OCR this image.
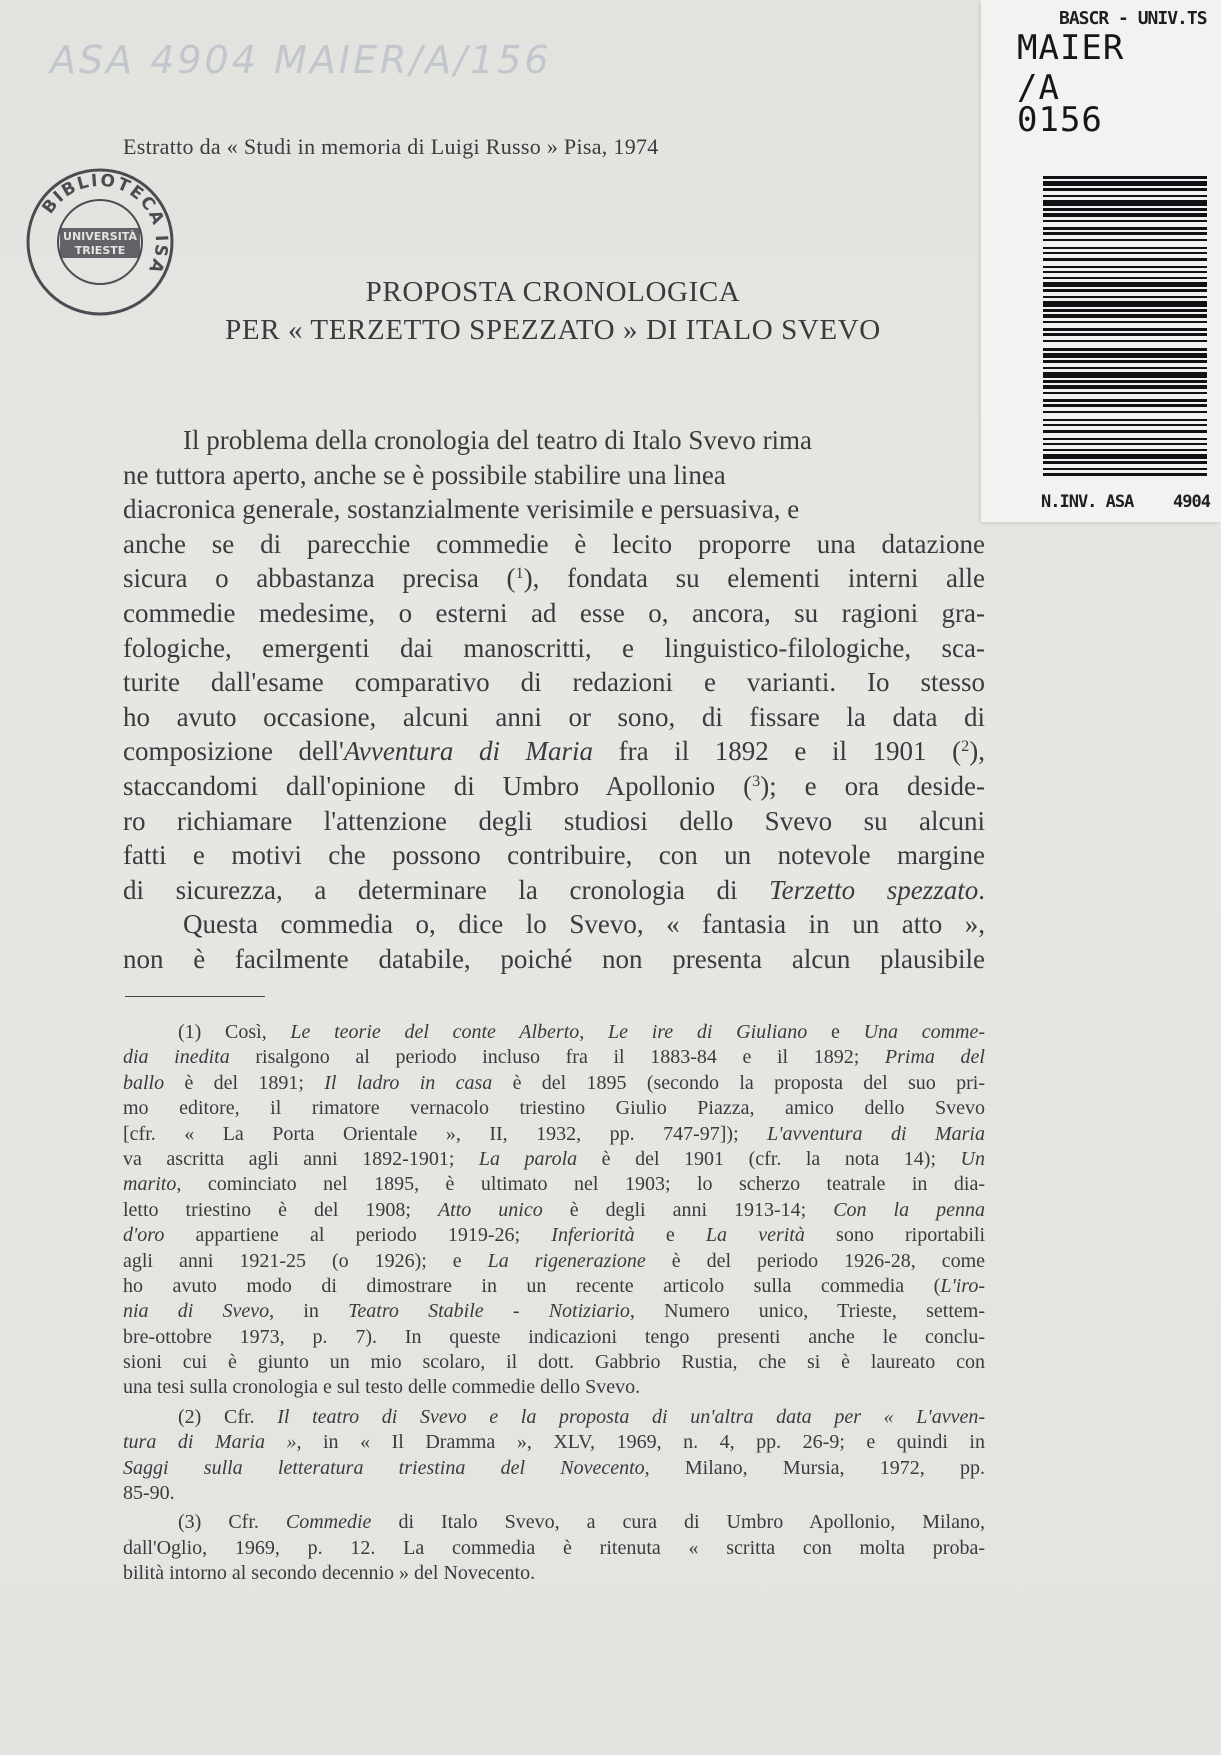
ASA 4904 MAIER/A/156
Estratto da « Studi in memoria di Luigi Russo » Pisa, 1974
BIBLIOTECA ISA
UNIVERSITÀ
TRIESTE
PROPOSTA CRONOLOGICA
PER « TERZETTO SPEZZATO » DI ITALO SVEVO
Il problema della cronologia del teatro di Italo Svevo rima
ne tuttora aperto, anche se è possibile stabilire una linea
diacronica generale, sostanzialmente verisimile e persuasiva, e
anche se di parecchie commedie è lecito proporre una datazione
sicura o abbastanza precisa ($^1$), fondata su elementi interni alle
commedie medesime, o esterni ad esse o, ancora, su ragioni gra-
fologiche, emergenti dai manoscritti, e linguistico-filologiche, sca-
turite dall'esame comparativo di redazioni e varianti. Io stesso
ho avuto occasione, alcuni anni or sono, di fissare la data di
composizione dell'Avventura di Maria fra il 1892 e il 1901 ($^2$),
staccandomi dall'opinione di Umbro Apollonio ($^3$); e ora deside-
ro richiamare l'attenzione degli studiosi dello Svevo su alcuni
fatti e motivi che possono contribuire, con un notevole margine
di sicurezza, a determinare la cronologia di Terzetto spezzato.
Questa commedia o, dice lo Svevo, « fantasia in un atto »,
non è facilmente databile, poiché non presenta alcun plausibile
(1) Così, Le teorie del conte Alberto, Le ire di Giuliano e Una comme-
dia inedita risalgono al periodo incluso fra il 1883-84 e il 1892; Prima del
ballo è del 1891; Il ladro in casa è del 1895 (secondo la proposta del suo pri-
mo editore, il rimatore vernacolo triestino Giulio Piazza, amico dello Svevo
[cfr. « La Porta Orientale », II, 1932, pp. 747-97]); L'avventura di Maria
va ascritta agli anni 1892-1901; La parola è del 1901 (cfr. la nota 14); Un
marito, cominciato nel 1895, è ultimato nel 1903; lo scherzo teatrale in dia-
letto triestino è del 1908; Atto unico è degli anni 1913-14; Con la penna
d'oro appartiene al periodo 1919-26; Inferiorità e La verità sono riportabili
agli anni 1921-25 (o 1926); e La rigenerazione è del periodo 1926-28, come
ho avuto modo di dimostrare in un recente articolo sulla commedia (L'iro-
nia di Svevo, in Teatro Stabile - Notiziario, Numero unico, Trieste, settem-
bre-ottobre 1973, p. 7). In queste indicazioni tengo presenti anche le conclu-
sioni cui è giunto un mio scolaro, il dott. Gabbrio Rustia, che si è laureato con
una tesi sulla cronologia e sul testo delle commedie dello Svevo.
(2) Cfr. Il teatro di Svevo e la proposta di un'altra data per « L'avven-
tura di Maria », in « Il Dramma », XLV, 1969, n. 4, pp. 26-9; e quindi in
Saggi sulla letteratura triestina del Novecento, Milano, Mursia, 1972, pp.
85-90.
(3) Cfr. Commedie di Italo Svevo, a cura di Umbro Apollonio, Milano,
dall'Oglio, 1969, p. 12. La commedia è ritenuta « scritta con molta proba-
bilità intorno al secondo decennio » del Novecento.
BASCR - UNIV.TS
MAIER
/A
0156
N.INV. ASA 4904
